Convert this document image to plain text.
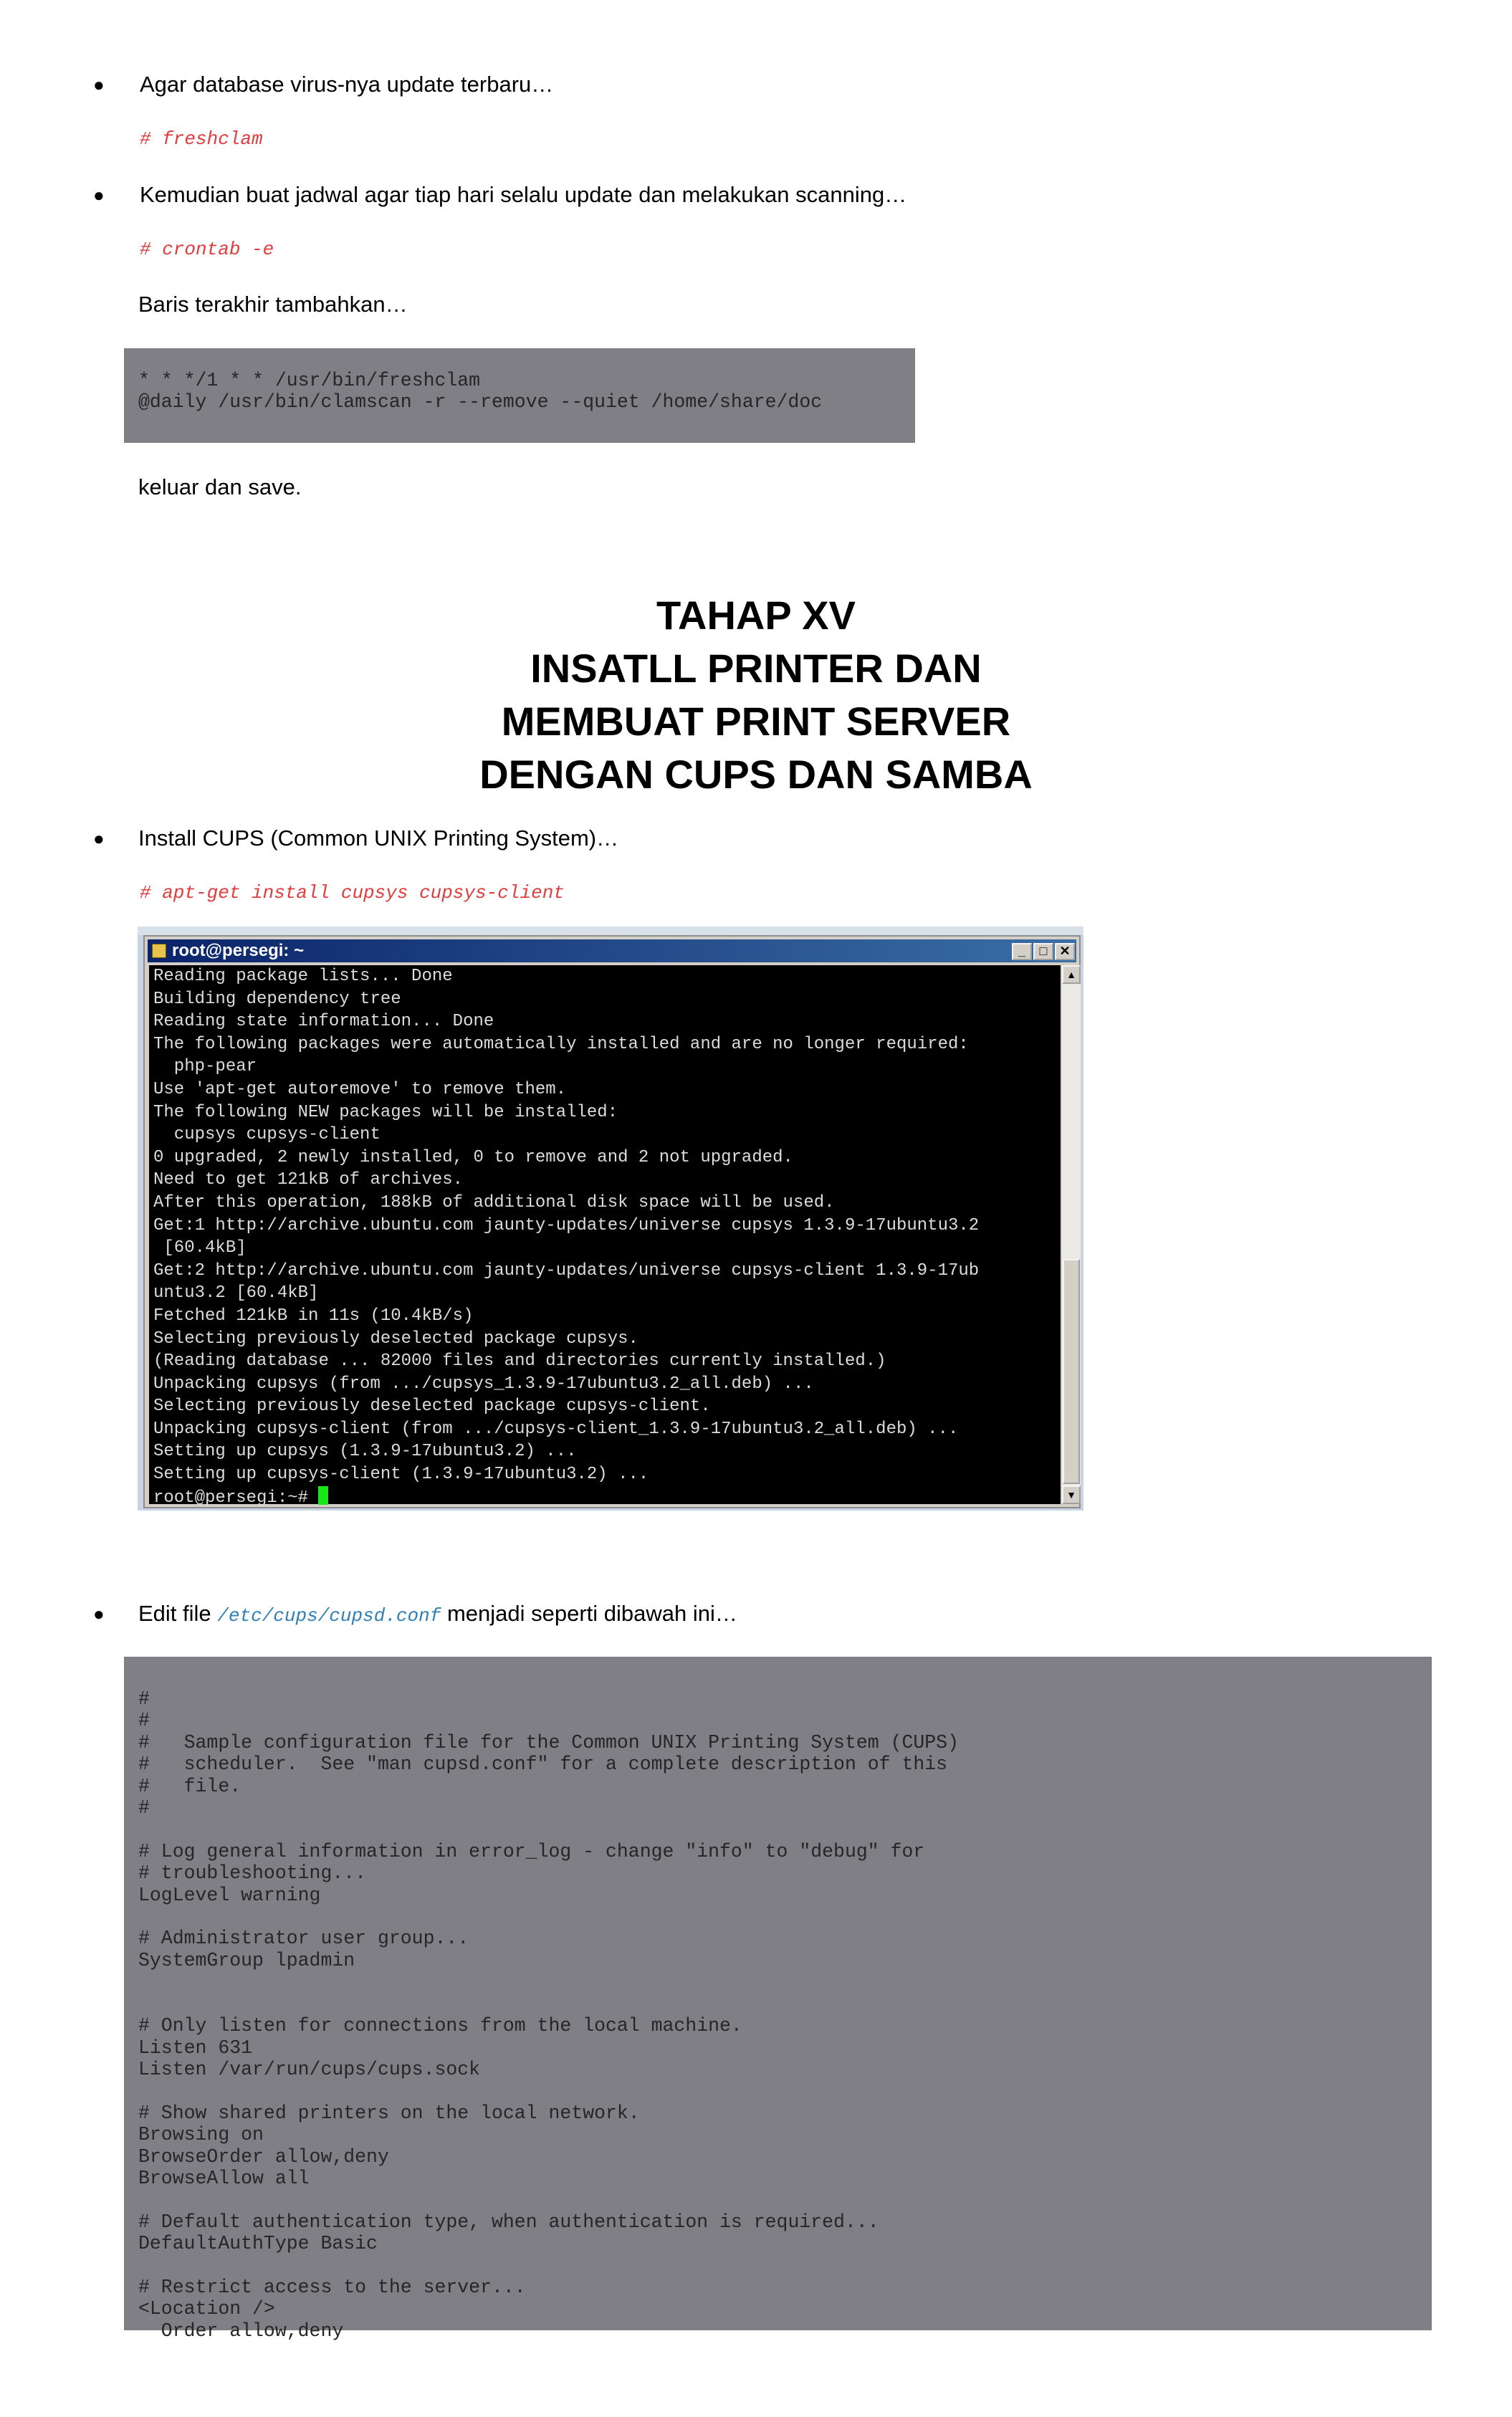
● Agar database virus-nya update terbaru…
# freshclam
● Kemudian buat jadwal agar tiap hari selalu update dan melakukan scanning…
# crontab -e
Baris terakhir tambahkan…
* * */1 * * /usr/bin/freshclam
@daily /usr/bin/clamscan -r --remove --quiet /home/share/doc
keluar dan save.
TAHAP XV
INSATLL PRINTER DAN
MEMBUAT PRINT SERVER
DENGAN CUPS DAN SAMBA
● Install CUPS (Common UNIX Printing System)…
# apt-get install cupsys cupsys-client
root@persegi: ~	_	□ ✕
Reading package lists... Done
Building dependency tree
Reading state information... Done
The following packages were automatically installed and are no longer required:
php-pear
Use 'apt-get autoremove' to remove them.
The following NEW packages will be installed:
cupsys cupsys-client
0 upgraded, 2 newly installed, 0 to remove and 2 not upgraded.
Need to get 121kB of archives.
After this operation, 188kB of additional disk space will be used.
Get:1 http://archive.ubuntu.com jaunty-updates/universe cupsys 1.3.9-17ubuntu3.2
[60.4kB]
Get:2 http://archive.ubuntu.com jaunty-updates/universe cupsys-client 1.3.9-17ub
untu3.2 [60.4kB]
Fetched 121kB in 11s (10.4kB/s)
Selecting previously deselected package cupsys.
(Reading database ... 82000 files and directories currently installed.)
Unpacking cupsys (from .../cupsys_1.3.9-17ubuntu3.2_all.deb) ...
Selecting previously deselected package cupsys-client.
Unpacking cupsys-client (from .../cupsys-client_1.3.9-17ubuntu3.2_all.deb) ...
Setting up cupsys (1.3.9-17ubuntu3.2) ...
Setting up cupsys-client (1.3.9-17ubuntu3.2) ...
root@persegi:~#
▲
▼
● Edit file /etc/cups/cupsd.conf menjadi seperti dibawah ini…
#
#
#   Sample configuration file for the Common UNIX Printing System (CUPS)
#   scheduler.  See "man cupsd.conf" for a complete description of this
#   file.
#

# Log general information in error_log - change "info" to "debug" for
# troubleshooting...
LogLevel warning

# Administrator user group...
SystemGroup lpadmin

# Only listen for connections from the local machine.
Listen 631
Listen /var/run/cups/cups.sock

# Show shared printers on the local network.
Browsing on
BrowseOrder allow,deny
BrowseAllow all

# Default authentication type, when authentication is required...
DefaultAuthType Basic

# Restrict access to the server...
<Location />
Order allow,deny
